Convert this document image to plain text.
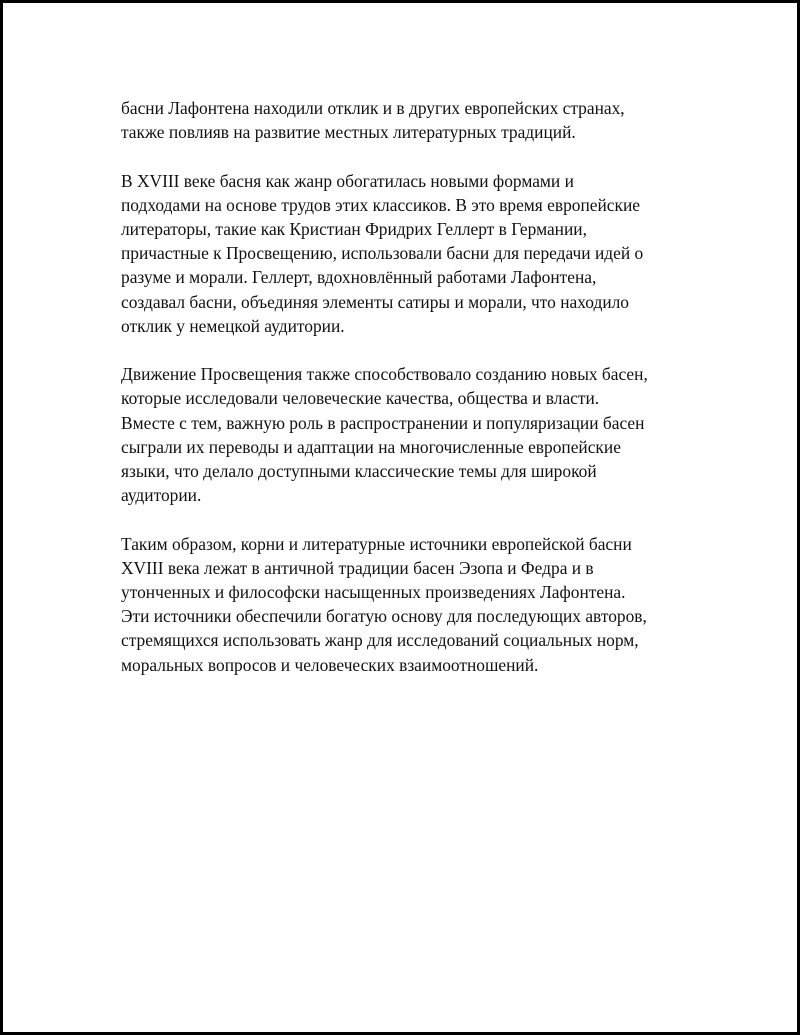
басни Лафонтена находили отклик и в других европейских странах,
также повлияв на развитие местных литературных традиций.

В XVIII веке басня как жанр обогатилась новыми формами и
подходами на основе трудов этих классиков. В это время европейские
литераторы, такие как Кристиан Фридрих Геллерт в Германии,
причастные к Просвещению, использовали басни для передачи идей о
разуме и морали. Геллерт, вдохновлённый работами Лафонтена,
создавал басни, объединяя элементы сатиры и морали, что находило
отклик у немецкой аудитории.

Движение Просвещения также способствовало созданию новых басен,
которые исследовали человеческие качества, общества и власти.
Вместе с тем, важную роль в распространении и популяризации басен
сыграли их переводы и адаптации на многочисленные европейские
языки, что делало доступными классические темы для широкой
аудитории.

Таким образом, корни и литературные источники европейской басни
XVIII века лежат в античной традиции басен Эзопа и Федра и в
утонченных и философски насыщенных произведениях Лафонтена.
Эти источники обеспечили богатую основу для последующих авторов,
стремящихся использовать жанр для исследований социальных норм,
моральных вопросов и человеческих взаимоотношений.
